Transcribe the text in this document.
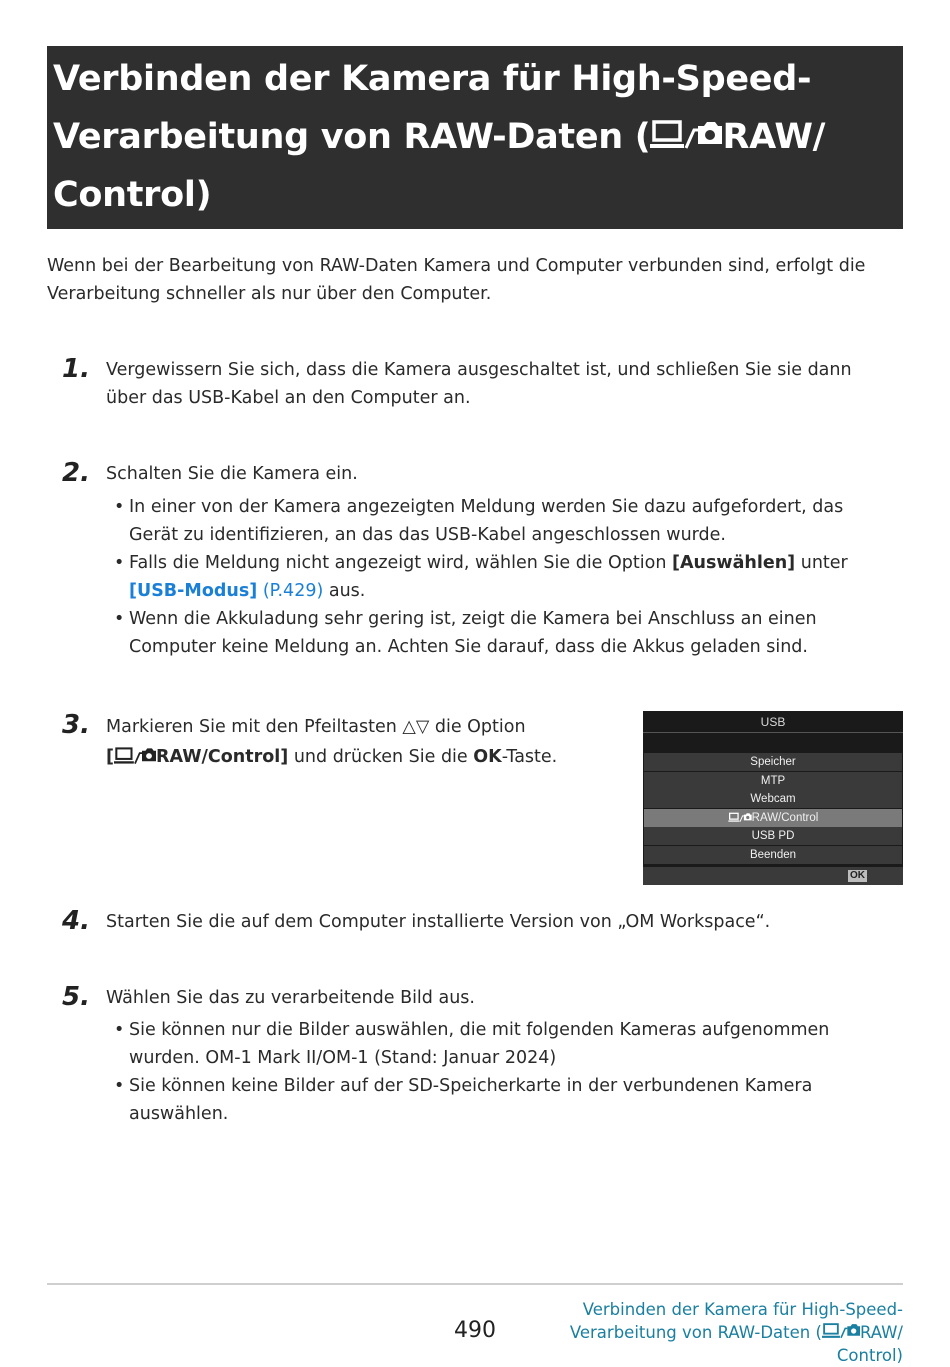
Verbinden der Kamera für High-Speed-
Verarbeitung von RAW-Daten ( RAW/
Control)

Wenn bei der Bearbeitung von RAW-Daten Kamera und Computer verbunden sind, erfolgt die Verarbeitung schneller als nur über den Computer.

1. Vergewissern Sie sich, dass die Kamera ausgeschaltet ist, und schließen Sie sie dann über das USB-Kabel an den Computer an.

2. Schalten Sie die Kamera ein.

• In einer von der Kamera angezeigten Meldung werden Sie dazu aufgefordert, das Gerät zu identifizieren, an das das USB-Kabel angeschlossen wurde.
• Falls die Meldung nicht angezeigt wird, wählen Sie die Option [Auswählen] unter [USB-Modus] (P.429) aus.
• Wenn die Akkuladung sehr gering ist, zeigt die Kamera bei Anschluss an einen Computer keine Meldung an. Achten Sie darauf, dass die Akkus geladen sind.
3. Markieren Sie mit den Pfeiltasten △▽ die Option
[ RAW/Control] und drücken Sie die OK-Taste.

USB
Speicher
MTP
Webcam
RAW/Control
USB PD
Beenden
OK
4. Starten Sie die auf dem Computer installierte Version von „OM Workspace“.

5. Wählen Sie das zu verarbeitende Bild aus.

• Sie können nur die Bilder auswählen, die mit folgenden Kameras aufgenommen wurden. OM-1 Mark II/OM-1 (Stand: Januar 2024)
• Sie können keine Bilder auf der SD-Speicherkarte in der verbundenen Kamera auswählen.
490
Verbinden der Kamera für High-Speed-
Verarbeitung von RAW-Daten ( RAW/
Control)
